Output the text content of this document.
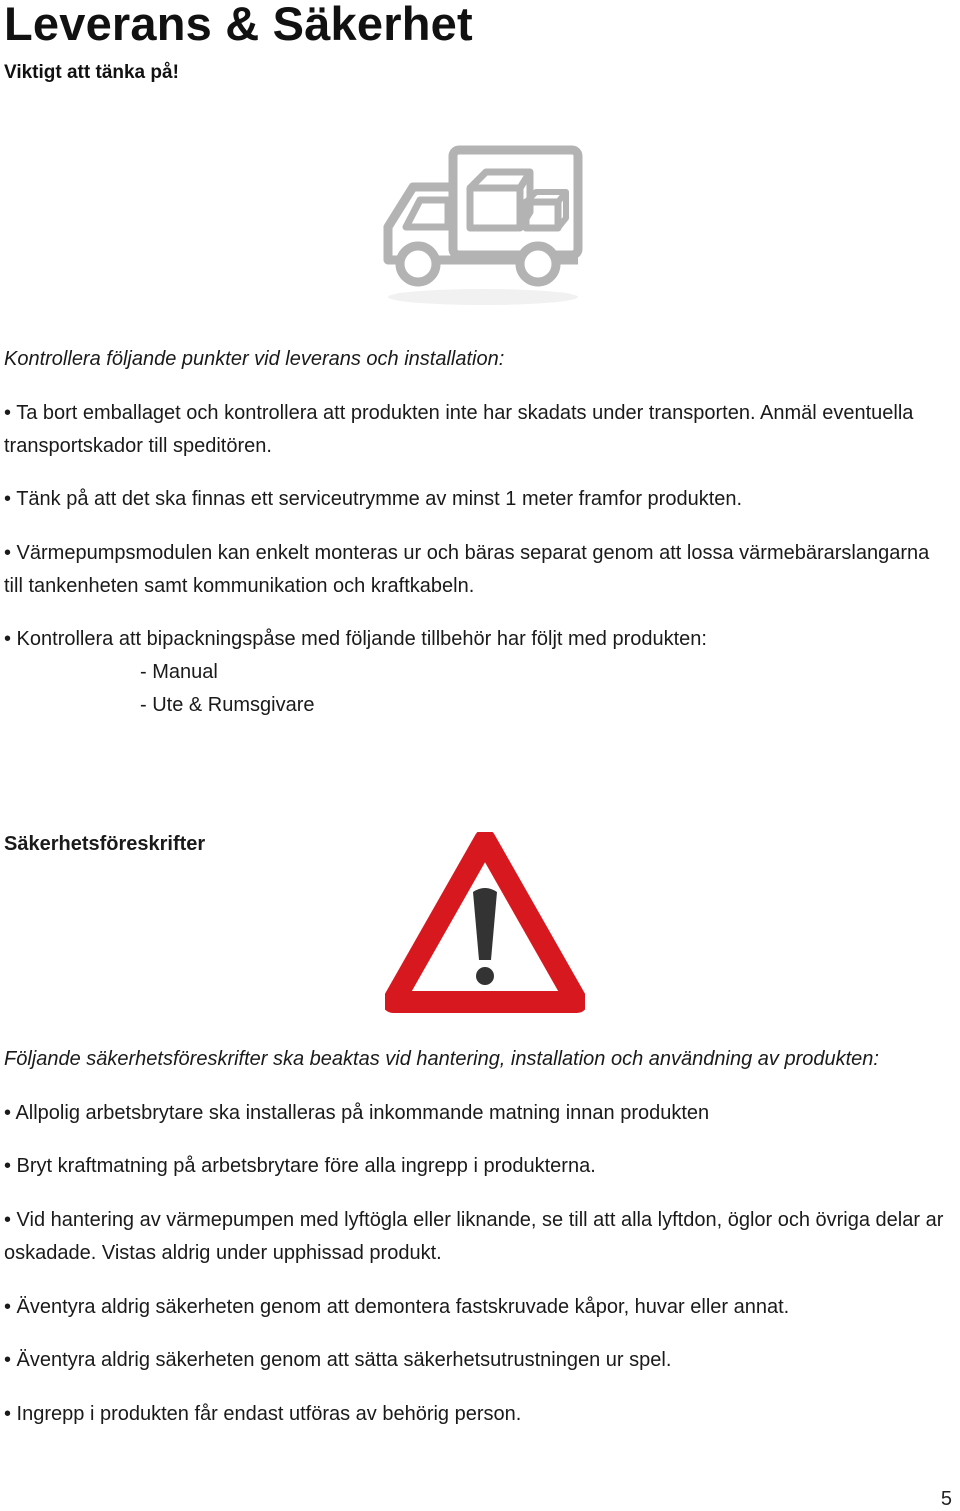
Leverans & Säkerhet

Viktigt att tänka på!

Kontrollera följande punkter vid leverans och installation:

• Ta bort emballaget och kontrollera att produkten inte har skadats under transporten. Anmäl eventuella transportskador till speditören.

• Tänk på att det ska finnas ett serviceutrymme av minst 1 meter framfor produkten.

• Värmepumpsmodulen kan enkelt monteras ur och bäras separat genom att lossa värmebärarslangarna till tankenheten samt kommunikation och kraftkabeln.

• Kontrollera att bipackningspåse med följande tillbehör har följt med produkten:

- Manual

- Ute & Rumsgivare

Säkerhetsföreskrifter

Följande säkerhetsföreskrifter ska beaktas vid hantering, installation och användning av produkten:

• Allpolig arbetsbrytare ska installeras på inkommande matning innan produkten

• Bryt kraftmatning på arbetsbrytare före alla ingrepp i produkterna.

• Vid hantering av värmepumpen med lyftögla eller liknande, se till att alla lyftdon, öglor och övriga delar ar oskadade. Vistas aldrig under upphissad produkt.

• Äventyra aldrig säkerheten genom att demontera fastskruvade kåpor, huvar eller annat.

• Äventyra aldrig säkerheten genom att sätta säkerhetsutrustningen ur spel.

• Ingrepp i produkten får endast utföras av behörig person.

5
